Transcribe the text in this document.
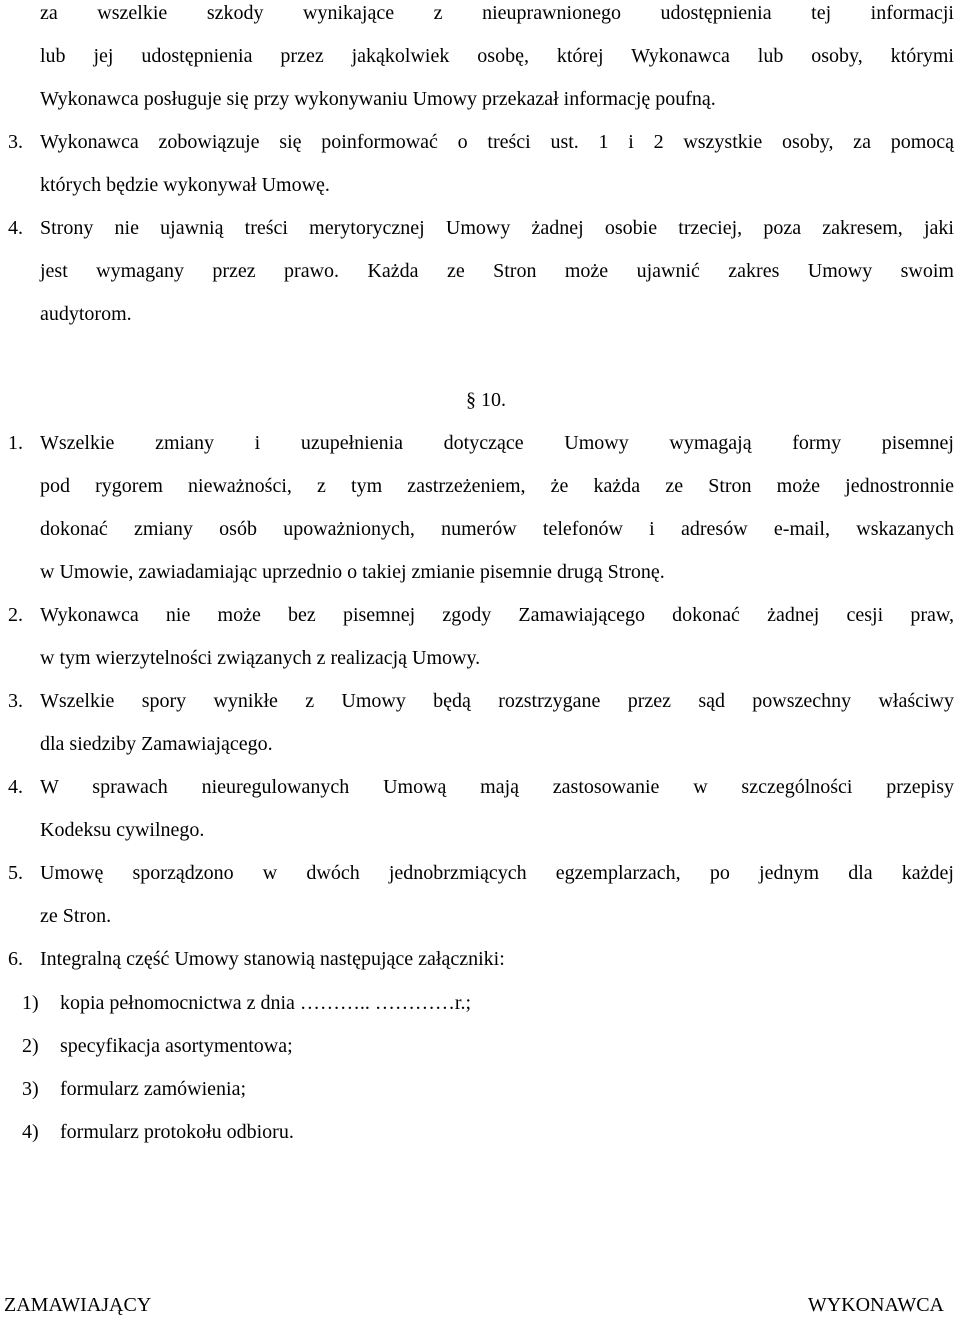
za wszelkie szkody wynikające z nieuprawnionego udostępnienia tej informacji
lub jej udostępnienia przez jakąkolwiek osobę, której Wykonawca lub osoby, którymi
Wykonawca posługuje się przy wykonywaniu Umowy przekazał informację poufną.
3. Wykonawca zobowiązuje się poinformować o treści ust. 1 i 2 wszystkie osoby, za pomocą
których będzie wykonywał Umowę.
4. Strony nie ujawnią treści merytorycznej Umowy żadnej osobie trzeciej, poza zakresem, jaki
jest wymagany przez prawo. Każda ze Stron może ujawnić zakres Umowy swoim
audytorom.
§ 10.
1. Wszelkie zmiany i uzupełnienia dotyczące Umowy wymagają formy pisemnej
pod rygorem nieważności, z tym zastrzeżeniem, że każda ze Stron może jednostronnie
dokonać zmiany osób upoważnionych, numerów telefonów i adresów e-mail, wskazanych
w Umowie, zawiadamiając uprzednio o takiej zmianie pisemnie drugą Stronę.
2. Wykonawca nie może bez pisemnej zgody Zamawiającego dokonać żadnej cesji praw,
w tym wierzytelności związanych z realizacją Umowy.
3. Wszelkie spory wynikłe z Umowy będą rozstrzygane przez sąd powszechny właściwy
dla siedziby Zamawiającego.
4. W sprawach nieuregulowanych Umową mają zastosowanie w szczególności przepisy
Kodeksu cywilnego.
5. Umowę sporządzono w dwóch jednobrzmiących egzemplarzach, po jednym dla każdej
ze Stron.
6. Integralną część Umowy stanowią następujące załączniki:
1) kopia pełnomocnictwa z dnia ……….. …………r.;
2) specyfikacja asortymentowa;
3) formularz zamówienia;
4) formularz protokołu odbioru.
ZAMAWIAJĄCY	WYKONAWCA
